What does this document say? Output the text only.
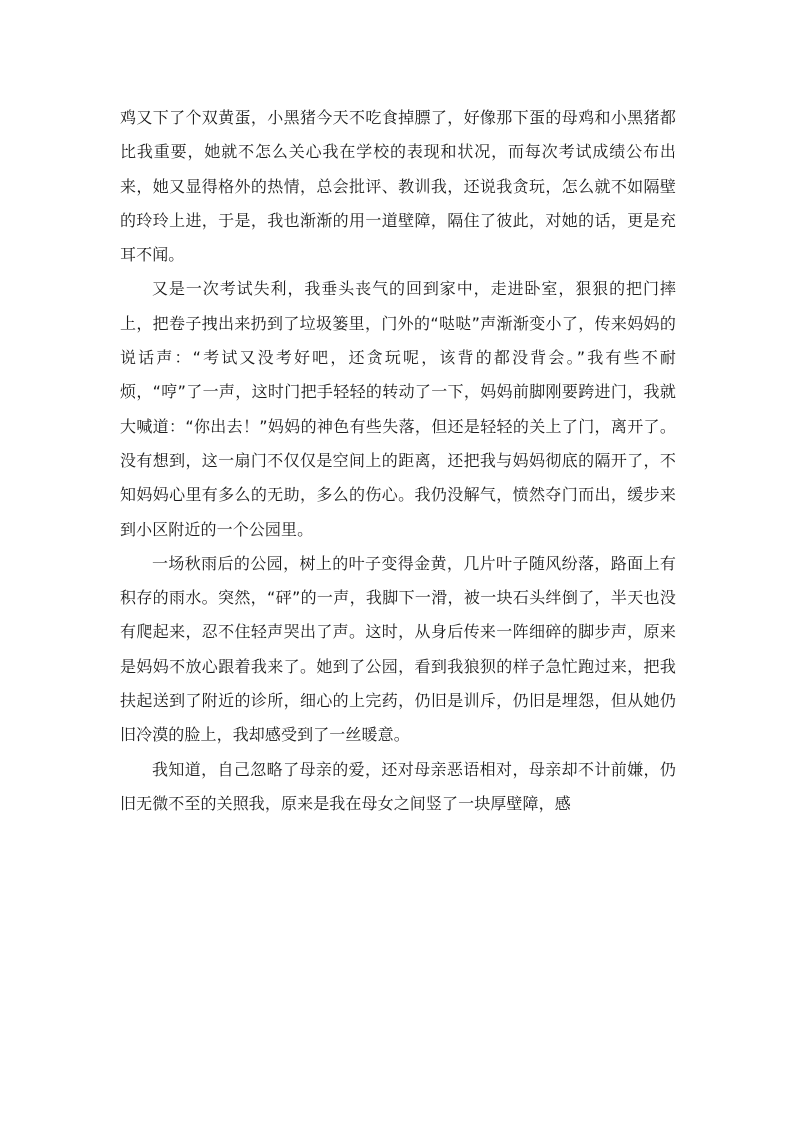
鸡又下了个双黄蛋，小黑猪今天不吃食掉膘了，好像那下蛋的母鸡和小黑猪都比我重要，她就不怎么关心我在学校的表现和状况，而每次考试成绩公布出来，她又显得格外的热情，总会批评、教训我，还说我贪玩，怎么就不如隔壁的玲玲上进，于是，我也渐渐的用一道壁障，隔住了彼此，对她的话，更是充耳不闻。

又是一次考试失利，我垂头丧气的回到家中，走进卧室，狠狠的把门摔上，把卷子拽出来扔到了垃圾篓里，门外的“哒哒”声渐渐变小了，传来妈妈的说话声：“考试又没考好吧，还贪玩呢，该背的都没背会。”我有些不耐烦，“哼”了一声，这时门把手轻轻的转动了一下，妈妈前脚刚要跨进门，我就大喊道：“你出去！”妈妈的神色有些失落，但还是轻轻的关上了门，离开了。没有想到，这一扇门不仅仅是空间上的距离，还把我与妈妈彻底的隔开了，不知妈妈心里有多么的无助，多么的伤心。我仍没解气，愤然夺门而出，缓步来到小区附近的一个公园里。

一场秋雨后的公园，树上的叶子变得金黄，几片叶子随风纷落，路面上有积存的雨水。突然，“砰”的一声，我脚下一滑，被一块石头绊倒了，半天也没有爬起来，忍不住轻声哭出了声。这时，从身后传来一阵细碎的脚步声，原来是妈妈不放心跟着我来了。她到了公园，看到我狼狈的样子急忙跑过来，把我扶起送到了附近的诊所，细心的上完药，仍旧是训斥，仍旧是埋怨，但从她仍旧冷漠的脸上，我却感受到了一丝暖意。

我知道，自己忽略了母亲的爱，还对母亲恶语相对，母亲却不计前嫌，仍旧无微不至的关照我，原来是我在母女之间竖了一块厚壁障，感
